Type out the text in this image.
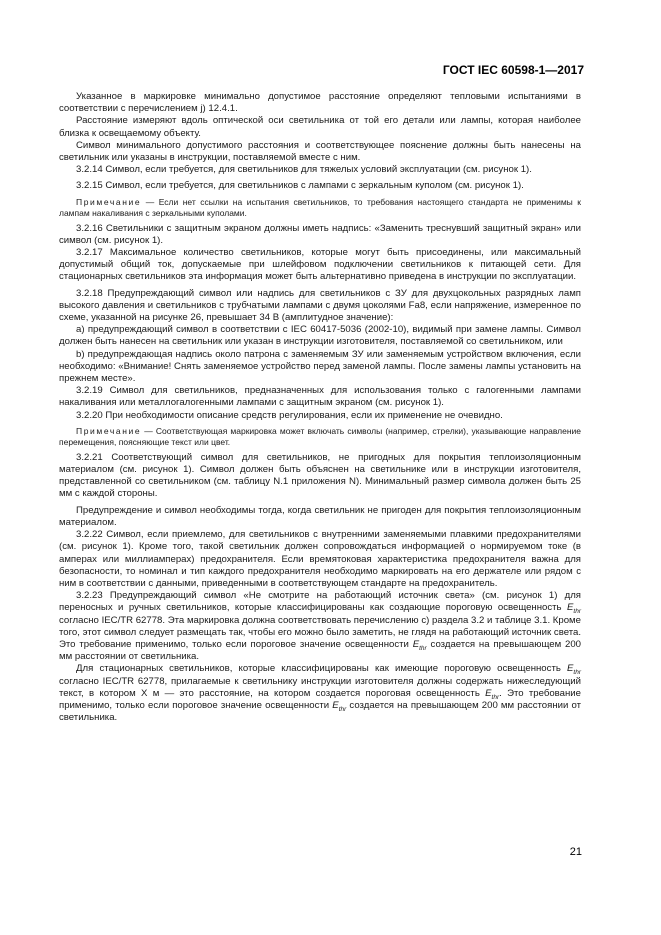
ГОСТ IEC 60598-1—2017
Указанное в маркировке минимально допустимое расстояние определяют тепловыми испытаниями в соответствии с перечислением j) 12.4.1.
Расстояние измеряют вдоль оптической оси светильника от той его детали или лампы, которая наиболее близка к освещаемому объекту.
Символ минимального допустимого расстояния и соответствующее пояснение должны быть нанесены на светильник или указаны в инструкции, поставляемой вместе с ним.
3.2.14 Символ, если требуется, для светильников для тяжелых условий эксплуатации (см. рисунок 1).
3.2.15 Символ, если требуется, для светильников с лампами с зеркальным куполом (см. рисунок 1).
Примечание — Если нет ссылки на испытания светильников, то требования настоящего стандарта не применимы к лампам накаливания с зеркальными куполами.
3.2.16 Светильники с защитным экраном должны иметь надпись: «Заменить треснувший защитный экран» или символ (см. рисунок 1).
3.2.17 Максимальное количество светильников, которые могут быть присоединены, или максимальный допустимый общий ток, допускаемые при шлейфовом подключении светильников к питающей сети. Для стационарных светильников эта информация может быть альтернативно приведена в инструкции по эксплуатации.
3.2.18 Предупреждающий символ или надпись для светильников с ЗУ для двухцокольных разрядных ламп высокого давления и светильников с трубчатыми лампами с двумя цоколями Fa8, если напряжение, измеренное по схеме, указанной на рисунке 26, превышает 34 В (амплитудное значение):
а) предупреждающий символ в соответствии с IEC 60417-5036 (2002-10), видимый при замене лампы. Символ должен быть нанесен на светильник или указан в инструкции изготовителя, поставляемой со светильником, или
b) предупреждающая надпись около патрона с заменяемым ЗУ или заменяемым устройством включения, если необходимо: «Внимание! Снять заменяемое устройство перед заменой лампы. После замены лампы установить на прежнем месте».
3.2.19 Символ для светильников, предназначенных для использования только с галогенными лампами накаливания или металлогалогенными лампами с защитным экраном (см. рисунок 1).
3.2.20 При необходимости описание средств регулирования, если их применение не очевидно.
Примечание — Соответствующая маркировка может включать символы (например, стрелки), указывающие направление перемещения, поясняющие текст или цвет.
3.2.21 Соответствующий символ для светильников, не пригодных для покрытия теплоизоляционным материалом (см. рисунок 1). Символ должен быть объяснен на светильнике или в инструкции изготовителя, представленной со светильником (см. таблицу N.1 приложения N). Минимальный размер символа должен быть 25 мм с каждой стороны.
Предупреждение и символ необходимы тогда, когда светильник не пригоден для покрытия теплоизоляционным материалом.
3.2.22 Символ, если приемлемо, для светильников с внутренними заменяемыми плавкими предохранителями (см. рисунок 1). Кроме того, такой светильник должен сопровождаться информацией о нормируемом токе (в амперах или миллиамперах) предохранителя. Если времятоковая характеристика предохранителя важна для безопасности, то номинал и тип каждого предохранителя необходимо маркировать на его держателе или рядом с ним в соответствии с данными, приведенными в соответствующем стандарте на предохранитель.
3.2.23 Предупреждающий символ «Не смотрите на работающий источник света» (см. рисунок 1) для переносных и ручных светильников, которые классифицированы как создающие пороговую освещенность $E_{thr}$ согласно IEC/TR 62778. Эта маркировка должна соответствовать перечислению с) раздела 3.2 и таблице 3.1. Кроме того, этот символ следует размещать так, чтобы его можно было заметить, не глядя на работающий источник света. Это требование применимо, только если пороговое значение освещенности $E_{thr}$ создается на превышающем 200 мм расстоянии от светильника.
Для стационарных светильников, которые классифицированы как имеющие пороговую освещенность $E_{thr}$ согласно IEC/TR 62778, прилагаемые к светильнику инструкции изготовителя должны содержать нижеследующий текст, в котором Х м — это расстояние, на котором создается пороговая освещенность $E_{thr}$. Это требование применимо, только если пороговое значение освещенности $E_{thr}$ создается на превышающем 200 мм расстоянии от светильника.
21
